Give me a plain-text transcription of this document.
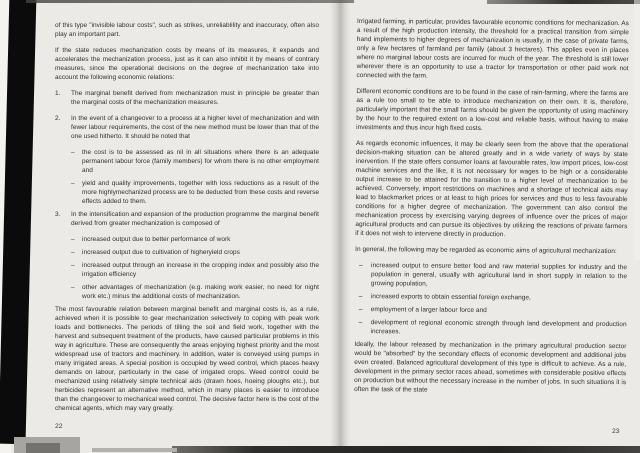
of this type "invisible labour costs", such as strikes, unreliablility and inaccuracy, often also play an important part.
If the state reduces mechanization costs by means of its measures, it expands and accelerates the mechanization process, just as it can also inhibit it by means of contrary measures, since the operational decisions on the degree of mechanization take into account the following economic relations:
1. The marginal benefit derived from mechanization must in principle be greater than the marginal costs of the mechanization measures.
2. In the event of a changeover to a process at a higher level of mechanization and with fewer labour requirements, the cost of the new method must be lower than that of the one used hitherto. It should be noted that
– the cost is to be assessed as nil in all situations where there is an adequate permanent labour force (family members) for whom there is no other employment and
– yield and quality improvements, together with loss reductions as a result of the more highlymechanized process are to be deducted from these costs and reverse effects added to them.
3. In the intensification and expansion of the production programme the marginal benefit derived from greater mechanization is composed of
– increased output due to better performance of work
– increased output due to cultivation of higheryield crops
– increased output through an increase in the cropping index and possibly also the irrigation efficiency
– other advantages of mechanization (e.g. making work easier, no need for night work etc.) minus the additional costs of mechanization.
The most favourable relation between marginal benefit and marginal costs is, as a rule, achieved when it is possible to gear mechanization selectively to coping with peak work loads and bottlenecks. The periods of tilling the soil and field work, together with the harvest and subsequent treatment of the products, have caused particular problems in this way in agriculture. These are consequently the areas enjoying highest priority and the most widespread use of tractors and machinery. In addition, water is conveyed using pumps in many irrigated areas. A special position is occupied by weed control, which places heavy demands on labour, particularly in the case of irrigated crops. Weed control could be mechanized using relatively simple technical aids (drawn hoes, hoeing ploughs etc.), but herbicides represent an alternative method, which in many places is easier to introduce than the changeover to mechanical weed control. The decisive factor here is the cost of the chemical agents, which may vary greatly.
Irrigated farming, in particular, provides favourable economic conditions for mechanization. As a result of the high production intensity, the threshold for a practical transition from simple hand implements to higher degrees of mechanization is usually, in the case of private farms, only a few hectares of farmland per family (about 3 hectares). This applies even in places where no marginal labour costs are incurred for much of the year. The threshold is still lower wherever there is an opportunity to use a tractor for transportation or other paid work not connected with the farm.
Different economic conditions are to be found in the case of rain-farming, where the farms are as a rule too small to be able to introduce mechanization on their own. It is, therefore, particularly important that the small farms should be given the opportunity of using machinery by the hour to the required extent on a low-cost and reliable basis, without having to make investments and thus incur high fixed costs.
As regards economic influences, it may be clearly seen from the above that the operational decision-making situation can be altered greatly and in a wide variety of ways by state inervention. If the state offers consumer loans at favourable rates, low import prices, low-cost machine services and the like, it is not necessary for wages to be high or a considerable output increase to be attained for the transition to a higher level of mechanization to be achieved. Conversely, import restrictions on machines and a shortage of technical aids may lead to blackmarket prices or at least to high prices for services and thus to less favourable conditions for a higher degree of mechanization. The government can also control the mechanization process by exercising varying degrees of influence over the prices of major agricultural products and can pursue its objectives by utilizing the reactions of private farmers if it does not wish to intervene directly in production.
In general, the following may be regarded as economic aims of agricultural mechanization:
– increased output to ensure better food and raw material supplies for industry and the population in general, usually with agricultural land in short supply in relation to the growing population,
– increased exports to obtain essential foreign exchange,
– employment of a larger labour force and
– development of regional economic strength through land development and production increases.
Ideally, the labour released by mechanization in the primary agricultural production sector would be "absorbed" by the secondary effects of economic development and additional jobs even created. Balanced agricultural development of this type is difficult to achieve. As a rule, development in the primary sector races ahead, sometimes with considerable positive effects on production but without the necessary increase in the number of jobs. In such situations it is often the task of the state
22
23
